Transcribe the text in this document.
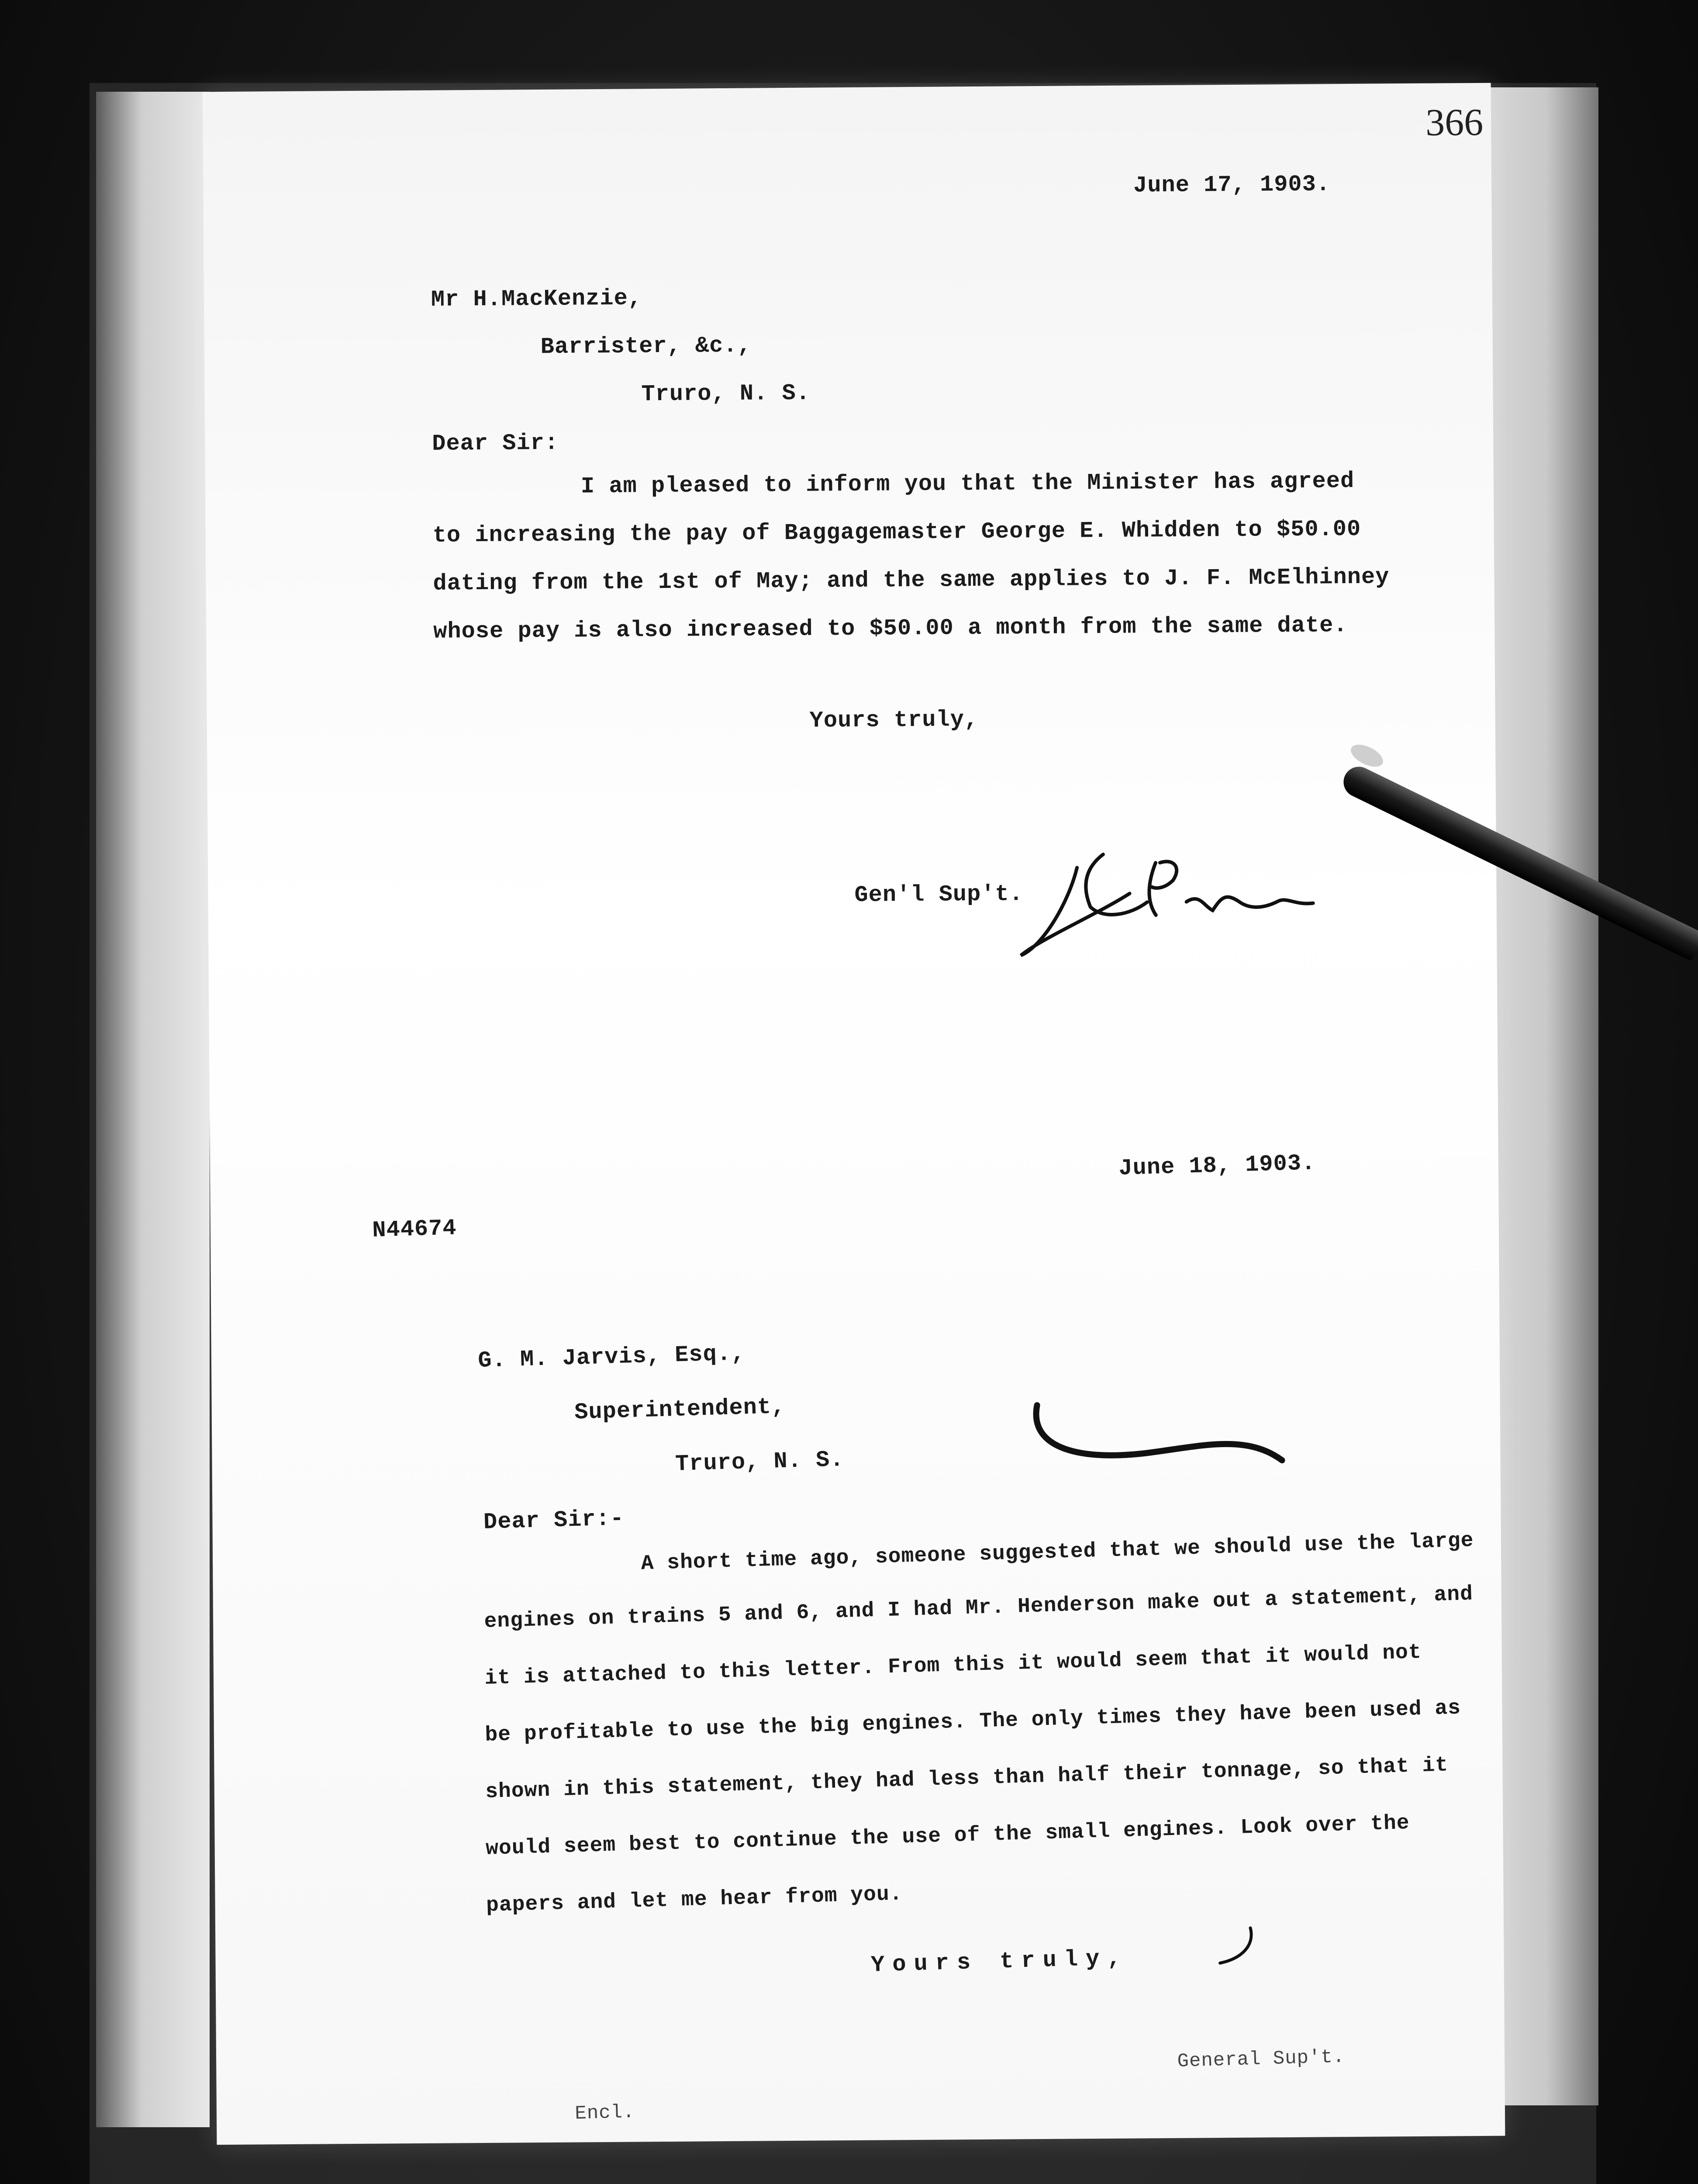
366
June 17, 1903.
Mr H.MacKenzie,
Barrister, &c.,
Truro, N. S.
Dear Sir:
I am pleased to inform you that the Minister has agreed
to increasing the pay of Baggagemaster George E. Whidden to $50.00
dating from the 1st of May; and the same applies to J. F. McElhinney
whose pay is also increased to $50.00 a month from the same date.
Yours truly,
Gen'l Sup't.
June 18, 1903.
N44674
G. M. Jarvis, Esq.,
Superintendent,
Truro, N. S.
Dear Sir:-
A short time ago, someone suggested that we should use the large
engines on trains 5 and 6, and I had Mr. Henderson make out a statement, and
it is attached to this letter. From this it would seem that it would not
be profitable to use the big engines. The only times they have been used as
shown in this statement, they had less than half their tonnage, so that it
would seem best to continue the use of the small engines. Look over the
papers and let me hear from you.
Yours truly,
General Sup't.
Encl.
